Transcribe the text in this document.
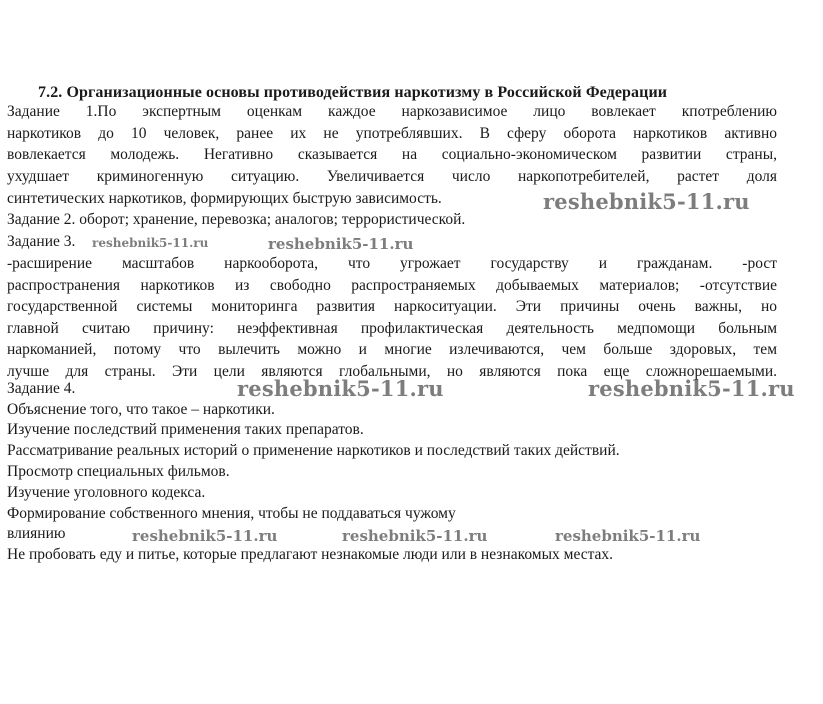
7.2. Организационные основы противодействия наркотизму в Российской Федерации
Задание 1.По экспертным оценкам каждое наркозависимое лицо вовлекает кпотреблению
наркотиков до 10 человек, ранее их не употреблявших. В сферу оборота наркотиков активно
вовлекается молодежь. Негативно сказывается на социально-экономическом развитии страны,
ухудшает криминогенную ситуацию. Увеличивается число наркопотребителей, растет доля
синтетических наркотиков, формирующих быструю зависимость.
Задание 2. оборот; хранение, перевозка; аналогов; террористической.
Задание 3.
-расширение масштабов наркооборота, что угрожает государству и гражданам. -рост
распространения наркотиков из свободно распространяемых добываемых материалов; -отсутствие
государственной системы мониторинга развития наркоситуации. Эти причины очень важны, но
главной считаю причину: неэффективная профилактическая деятельность медпомощи больным
наркоманией, потому что вылечить можно и многие излечиваются, чем больше здоровых, тем
лучше для страны. Эти цели являются глобальными, но являются пока еще сложнорешаемыми.
Задание 4.
Объяснение того, что такое – наркотики.
Изучение последствий применения таких препаратов.
Рассматривание реальных историй о применение наркотиков и последствий таких действий.
Просмотр специальных фильмов.
Изучение уголовного кодекса.
Формирование собственного мнения, чтобы не поддаваться чужому
влиянию
Не пробовать еду и питье, которые предлагают незнакомые люди или в незнакомых местах.
reshebnik5-11.ru
reshebnik5-11.ru	reshebnik5-11.ru
reshebnik5-11.ru	reshebnik5-11.ru
reshebnik5-11.ru	reshebnik5-11.ru	reshebnik5-11.ru
